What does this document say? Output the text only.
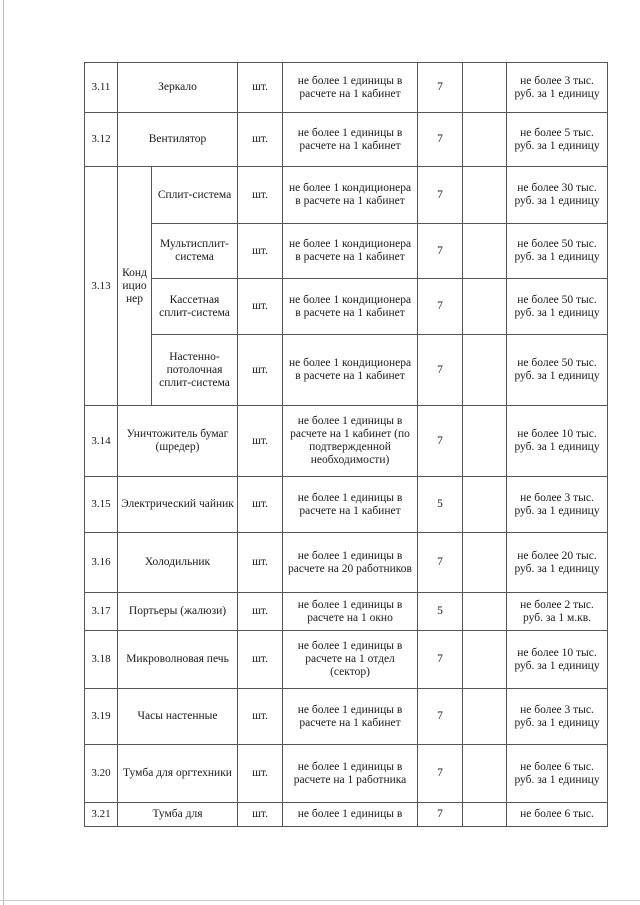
3.11	Зеркало		шт.	не более 1 единицы в расчете на 1 кабинет	7		не более 3 тыс. руб. за 1 единицу
3.12	Вентилятор		шт.	не более 1 единицы в расчете на 1 кабинет	7		не более 5 тыс. руб. за 1 единицу
3.13	Кондиционер	Сплит-система	шт.	не более 1 кондиционера в расчете на 1 кабинет	7		не более 30 тыс. руб. за 1 единицу
		Мультисплит-система	шт.	не более 1 кондиционера в расчете на 1 кабинет	7		не более 50 тыс. руб. за 1 единицу
		Кассетная сплит-система	шт.	не более 1 кондиционера в расчете на 1 кабинет	7		не более 50 тыс. руб. за 1 единицу
		Настенно-потолочная сплит-система	шт.	не более 1 кондиционера в расчете на 1 кабинет	7		не более 50 тыс. руб. за 1 единицу
3.14	Уничтожитель бумаг (шредер)		шт.	не более 1 единицы в расчете на 1 кабинет (по подтвержденной необходимости)	7		не более 10 тыс. руб. за 1 единицу
3.15	Электрический чайник		шт.	не более 1 единицы в расчете на 1 кабинет	5		не более 3 тыс. руб. за 1 единицу
3.16	Холодильник		шт.	не более 1 единицы в расчете на 20 работников	7		не более 20 тыс. руб. за 1 единицу
3.17	Портьеры (жалюзи)		шт.	не более 1 единицы в расчете на 1 окно	5		не более 2 тыс. руб. за 1 м.кв.
3.18	Микроволновая печь		шт.	не более 1 единицы в расчете на 1 отдел (сектор)	7		не более 10 тыс. руб. за 1 единицу
3.19	Часы настенные		шт.	не более 1 единицы в расчете на 1 кабинет	7		не более 3 тыс. руб. за 1 единицу
3.20	Тумба для оргтехники		шт.	не более 1 единицы в расчете на 1 работника	7		не более 6 тыс. руб. за 1 единицу
3.21	Тумба для		шт.	не более 1 единицы в	7		не более 6 тыс.
